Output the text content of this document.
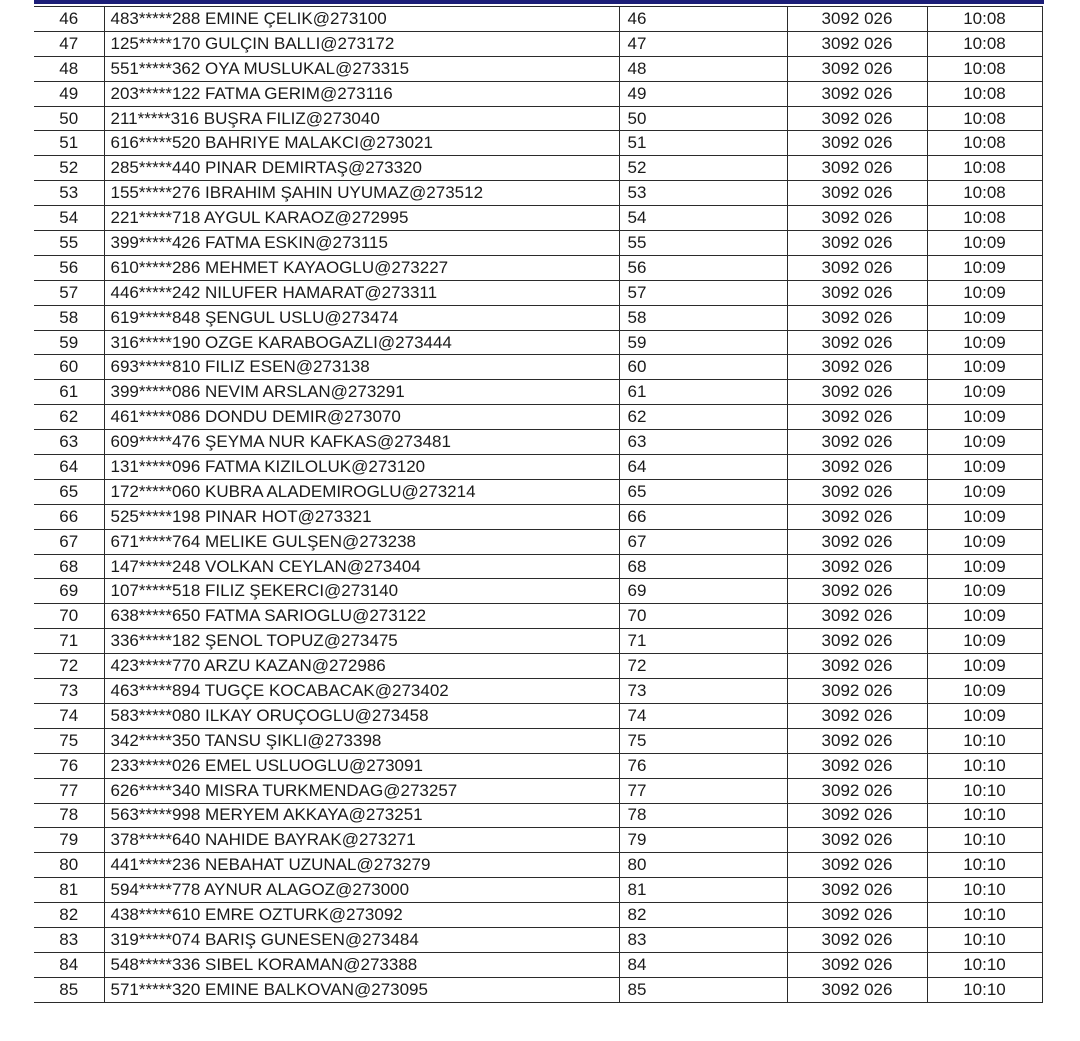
46	483*****288 EMINE ÇELIK@273100	46	3092 026	10:08
47	125*****170 GULÇIN BALLI@273172	47	3092 026	10:08
48	551*****362 OYA MUSLUKAL@273315	48	3092 026	10:08
49	203*****122 FATMA GERIM@273116	49	3092 026	10:08
50	211*****316 BUŞRA FILIZ@273040	50	3092 026	10:08
51	616*****520 BAHRIYE MALAKCI@273021	51	3092 026	10:08
52	285*****440 PINAR DEMIRTAŞ@273320	52	3092 026	10:08
53	155*****276 IBRAHIM ŞAHIN UYUMAZ@273512	53	3092 026	10:08
54	221*****718 AYGUL KARAOZ@272995	54	3092 026	10:08
55	399*****426 FATMA ESKIN@273115	55	3092 026	10:09
56	610*****286 MEHMET KAYAOGLU@273227	56	3092 026	10:09
57	446*****242 NILUFER HAMARAT@273311	57	3092 026	10:09
58	619*****848 ŞENGUL USLU@273474	58	3092 026	10:09
59	316*****190 OZGE KARABOGAZLI@273444	59	3092 026	10:09
60	693*****810 FILIZ ESEN@273138	60	3092 026	10:09
61	399*****086 NEVIM ARSLAN@273291	61	3092 026	10:09
62	461*****086 DONDU DEMIR@273070	62	3092 026	10:09
63	609*****476 ŞEYMA NUR KAFKAS@273481	63	3092 026	10:09
64	131*****096 FATMA KIZILOLUK@273120	64	3092 026	10:09
65	172*****060 KUBRA ALADEMIROGLU@273214	65	3092 026	10:09
66	525*****198 PINAR HOT@273321	66	3092 026	10:09
67	671*****764 MELIKE GULŞEN@273238	67	3092 026	10:09
68	147*****248 VOLKAN CEYLAN@273404	68	3092 026	10:09
69	107*****518 FILIZ ŞEKERCI@273140	69	3092 026	10:09
70	638*****650 FATMA SARIOGLU@273122	70	3092 026	10:09
71	336*****182 ŞENOL TOPUZ@273475	71	3092 026	10:09
72	423*****770 ARZU KAZAN@272986	72	3092 026	10:09
73	463*****894 TUGÇE KOCABACAK@273402	73	3092 026	10:09
74	583*****080 ILKAY ORUÇOGLU@273458	74	3092 026	10:09
75	342*****350 TANSU ŞIKLI@273398	75	3092 026	10:10
76	233*****026 EMEL USLUOGLU@273091	76	3092 026	10:10
77	626*****340 MISRA TURKMENDAG@273257	77	3092 026	10:10
78	563*****998 MERYEM AKKAYA@273251	78	3092 026	10:10
79	378*****640 NAHIDE BAYRAK@273271	79	3092 026	10:10
80	441*****236 NEBAHAT UZUNAL@273279	80	3092 026	10:10
81	594*****778 AYNUR ALAGOZ@273000	81	3092 026	10:10
82	438*****610 EMRE OZTURK@273092	82	3092 026	10:10
83	319*****074 BARIŞ GUNESEN@273484	83	3092 026	10:10
84	548*****336 SIBEL KORAMAN@273388	84	3092 026	10:10
85	571*****320 EMINE BALKOVAN@273095	85	3092 026	10:10
